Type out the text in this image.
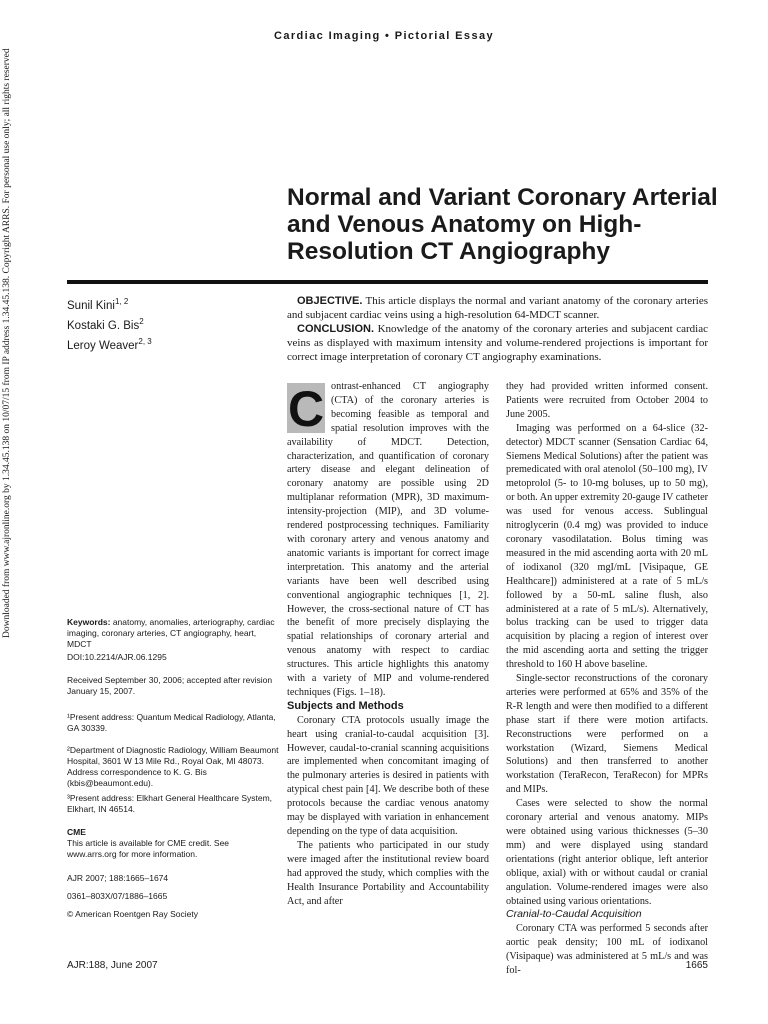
Cardiac Imaging • Pictorial Essay
Downloaded from www.ajronline.org by 1.34.45.138 on 10/07/15 from IP address 1.34.45.138. Copyright ARRS. For personal use only; all rights reserved	Normal and Variant Coronary Arterial and Venous Anatomy on High-Resolution CT Angiography
Sunil Kini$^{1, 2}$
Kostaki G. Bis$^2$
Leroy Weaver$^{2, 3}$

OBJECTIVE. This article displays the normal and variant anatomy of the coronary arteries and subjacent cardiac veins using a high-resolution 64-MDCT scanner.

CONCLUSION. Knowledge of the anatomy of the coronary arteries and subjacent cardiac veins as displayed with maximum intensity and volume-rendered projections is important for correct image interpretation of coronary CT angiography examinations.

Keywords: anatomy, anomalies, arteriography, cardiac imaging, coronary arteries, CT angiography, heart, MDCT
DOI:10.2214/AJR.06.1295
Received September 30, 2006; accepted after revision January 15, 2007.
¹Present address: Quantum Medical Radiology, Atlanta, GA 30339.
²Department of Diagnostic Radiology, William Beaumont Hospital, 3601 W 13 Mile Rd., Royal Oak, MI 48073. Address correspondence to K. G. Bis (kbis@beaumont.edu).
³Present address: Elkhart General Healthcare System, Elkhart, IN 46514.
CME
This article is available for CME credit. See www.arrs.org for more information.
AJR 2007; 188:1665–1674
0361–803X/07/1886–1665
© American Roentgen Ray Society

C ontrast-enhanced CT angiography (CTA) of the coronary arteries is becoming feasible as temporal and spatial resolution improves with the availability of MDCT. Detection, characterization, and quantification of coronary artery disease and elegant delineation of coronary anatomy are possible using 2D multiplanar reformation (MPR), 3D maximum-intensity-projection (MIP), and 3D volume-rendered postprocessing techniques. Familiarity with coronary artery and venous anatomy and anatomic variants is important for correct image interpretation. This anatomy and the arterial variants have been well described using conventional angiographic techniques [1, 2]. However, the cross-sectional nature of CT has the benefit of more precisely displaying the spatial relationships of coronary arterial and venous anatomy with respect to cardiac structures. This article highlights this anatomy with a variety of MIP and volume-rendered techniques (Figs. 1–18).

Subjects and Methods

Coronary CTA protocols usually image the heart using cranial-to-caudal acquisition [3]. However, caudal-to-cranial scanning acquisitions are implemented when concomitant imaging of the pulmonary arteries is desired in patients with atypical chest pain [4]. We describe both of these protocols because the cardiac venous anatomy may be displayed with variation in enhancement depending on the type of data acquisition.

The patients who participated in our study were imaged after the institutional review board had approved the study, which complies with the Health Insurance Portability and Accountability Act, and after

they had provided written informed consent. Patients were recruited from October 2004 to June 2005.

Imaging was performed on a 64-slice (32-detector) MDCT scanner (Sensation Cardiac 64, Siemens Medical Solutions) after the patient was premedicated with oral atenolol (50–100 mg), IV metoprolol (5- to 10-mg boluses, up to 50 mg), or both. An upper extremity 20-gauge IV catheter was used for venous access. Sublingual nitroglycerin (0.4 mg) was provided to induce coronary vasodilatation. Bolus timing was measured in the mid ascending aorta with 20 mL of iodixanol (320 mgI/mL [Visipaque, GE Healthcare]) administered at a rate of 5 mL/s followed by a 50-mL saline flush, also administered at a rate of 5 mL/s). Alternatively, bolus tracking can be used to trigger data acquisition by placing a region of interest over the mid ascending aorta and setting the trigger threshold to 160 H above baseline.

Single-sector reconstructions of the coronary arteries were performed at 65% and 35% of the R-R length and were then modified to a different phase start if there were motion artifacts. Reconstructions were performed on a workstation (Wizard, Siemens Medical Solutions) and then transferred to another workstation (TeraRecon, TeraRecon) for MPRs and MIPs.

Cases were selected to show the normal coronary arterial and venous anatomy. MIPs were obtained using various thicknesses (5–30 mm) and were displayed using standard orientations (right anterior oblique, left anterior oblique, axial) with or without caudal or cranial angulation. Volume-rendered images were also obtained using various orientations.

Cranial-to-Caudal Acquisition

Coronary CTA was performed 5 seconds after aortic peak density; 100 mL of iodixanol (Visipaque) was administered at 5 mL/s and was fol-

AJR:188, June 2007	1665
